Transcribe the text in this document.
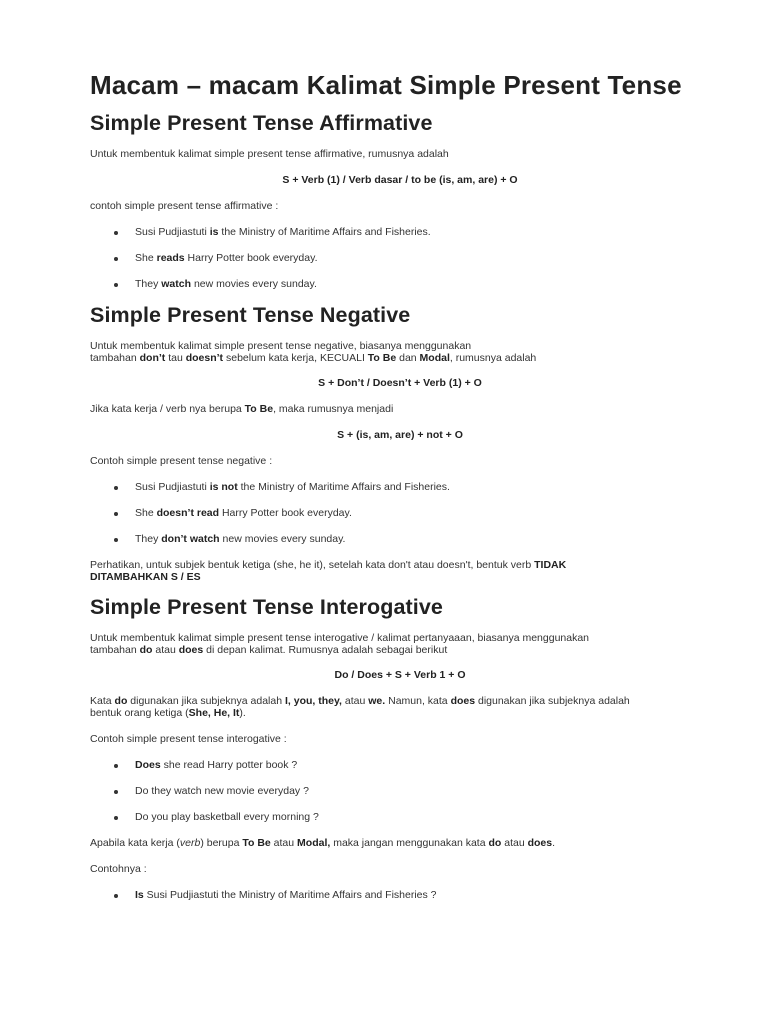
Macam – macam Kalimat Simple Present Tense
Simple Present Tense Affirmative

Untuk membentuk kalimat simple present tense affirmative, rumusnya adalah

S + Verb (1) / Verb dasar / to be (is, am, are) + O

contoh simple present tense affirmative :

Susi Pudjiastuti is the Ministry of Maritime Affairs and Fisheries.
She reads Harry Potter book everyday.
They watch new movies every sunday.
Simple Present Tense Negative

Untuk membentuk kalimat simple present tense negative, biasanya menggunakan

tambahan don’t tau doesn’t sebelum kata kerja, KECUALI To Be dan Modal, rumusnya adalah

S + Don’t / Doesn’t + Verb (1) + O

Jika kata kerja / verb nya berupa To Be, maka rumusnya menjadi

S + (is, am, are) + not + O

Contoh simple present tense negative :

Susi Pudjiastuti is not the Ministry of Maritime Affairs and Fisheries.
She doesn’t read Harry Potter book everyday.
They don’t watch new movies every sunday.

Perhatikan, untuk subjek bentuk ketiga (she, he it), setelah kata don't atau doesn't, bentuk verb TIDAK
DITAMBAHKAN S / ES

Simple Present Tense Interogative

Untuk membentuk kalimat simple present tense interogative / kalimat pertanyaaan, biasanya menggunakan

tambahan do atau does di depan kalimat. Rumusnya adalah sebagai berikut

Do / Does + S + Verb 1 + O

Kata do digunakan jika subjeknya adalah I, you, they, atau we. Namun, kata does digunakan jika subjeknya adalah

bentuk orang ketiga (She, He, It).

Contoh simple present tense interogative :

Does she read Harry potter book ?
Do they watch new movie everyday ?
Do you play basketball every morning ?

Apabila kata kerja (verb) berupa To Be atau Modal, maka jangan menggunakan kata do atau does.

Contohnya :

Is Susi Pudjiastuti the Ministry of Maritime Affairs and Fisheries ?
